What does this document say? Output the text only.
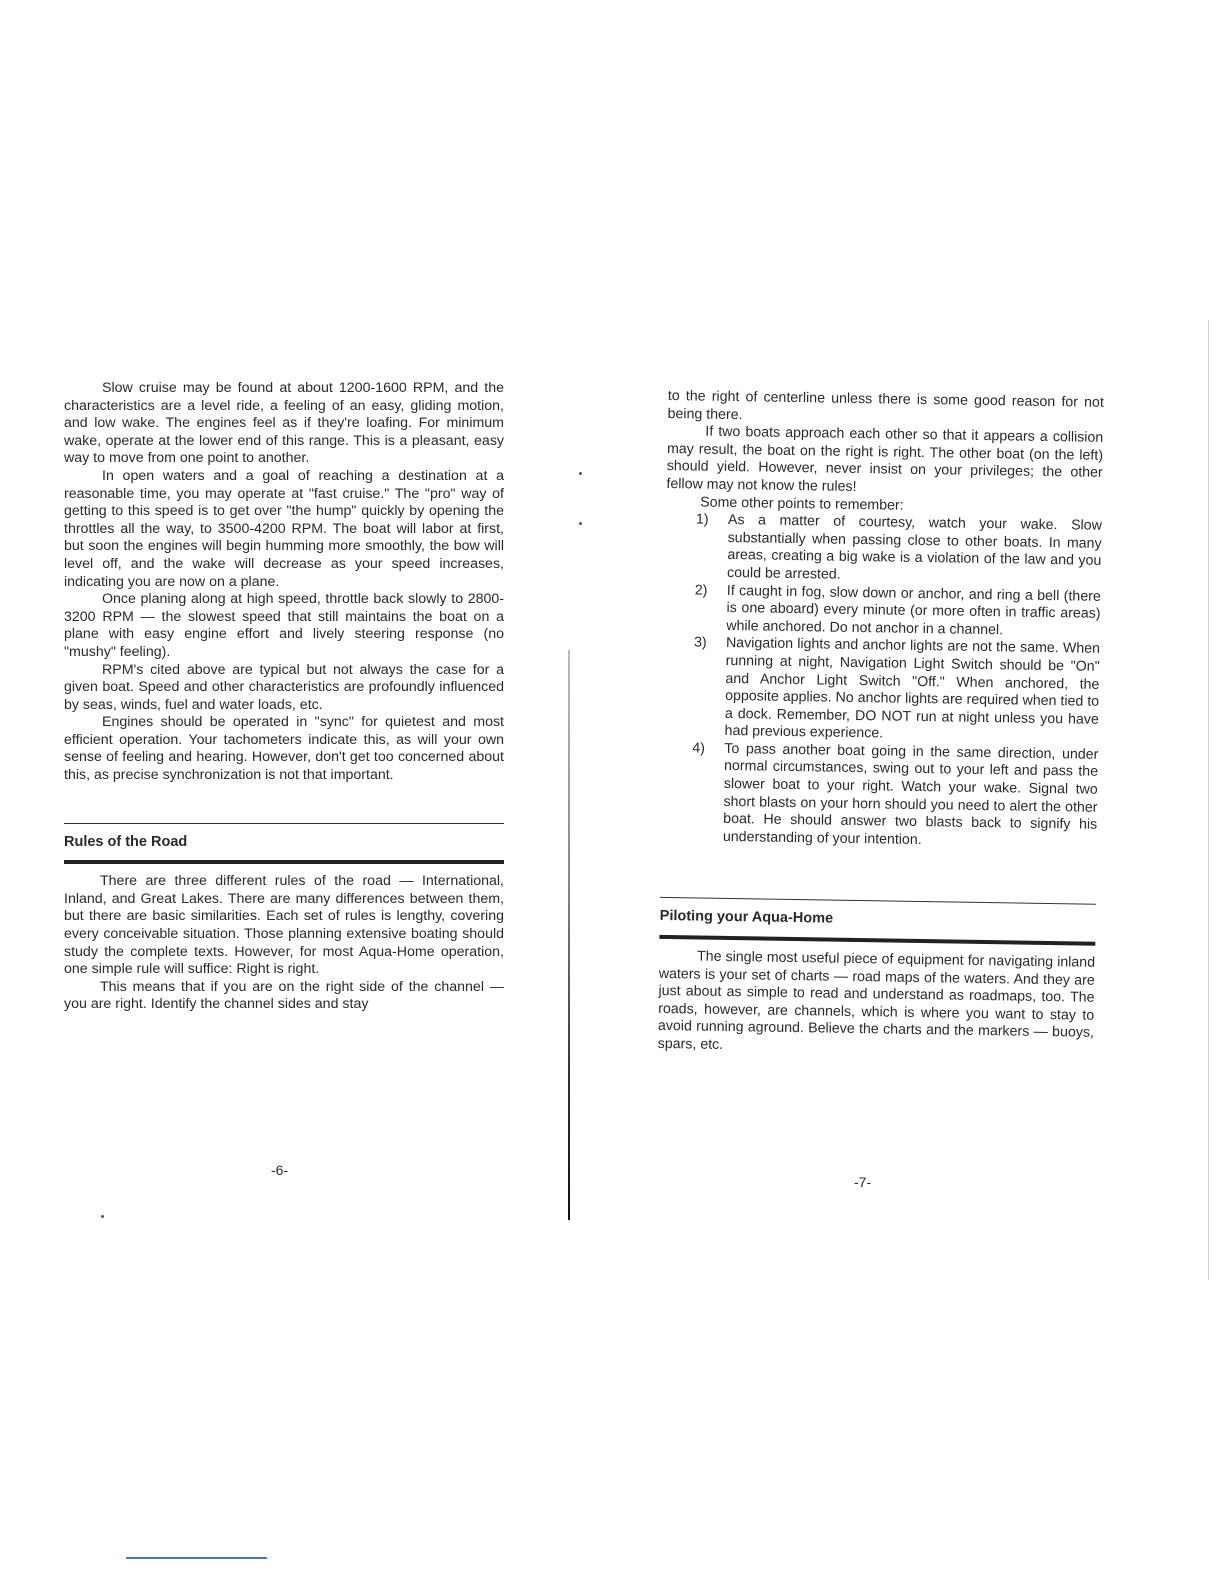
Slow cruise may be found at about 1200-1600 RPM, and the characteristics are a level ride, a feeling of an easy, gliding motion, and low wake. The engines feel as if they're loafing. For minimum wake, operate at the lower end of this range. This is a pleasant, easy way to move from one point to another.

In open waters and a goal of reaching a destination at a reasonable time, you may operate at "fast cruise." The "pro" way of getting to this speed is to get over "the hump" quickly by opening the throttles all the way, to 3500-4200 RPM. The boat will labor at first, but soon the engines will begin humming more smoothly, the bow will level off, and the wake will decrease as your speed increases, indicating you are now on a plane.

Once planing along at high speed, throttle back slowly to 2800-3200 RPM — the slowest speed that still maintains the boat on a plane with easy engine effort and lively steering response (no "mushy" feeling).

RPM's cited above are typical but not always the case for a given boat. Speed and other characteristics are profoundly influenced by seas, winds, fuel and water loads, etc.

Engines should be operated in "sync" for quietest and most efficient operation. Your tachometers indicate this, as will your own sense of feeling and hearing. However, don't get too concerned about this, as precise synchronization is not that important.

Rules of the Road

There are three different rules of the road — International, Inland, and Great Lakes. There are many differences between them, but there are basic similarities. Each set of rules is lengthy, covering every conceivable situation. Those planning extensive boating should study the complete texts. However, for most Aqua-Home operation, one simple rule will suffice: Right is right.

This means that if you are on the right side of the channel — you are right. Identify the channel sides and stay

-6-

to the right of centerline unless there is some good reason for not being there.

If two boats approach each other so that it appears a collision may result, the boat on the right is right. The other boat (on the left) should yield. However, never insist on your privileges; the other fellow may not know the rules!

Some other points to remember:

1) As a matter of courtesy, watch your wake. Slow substantially when passing close to other boats. In many areas, creating a big wake is a violation of the law and you could be arrested.
2) If caught in fog, slow down or anchor, and ring a bell (there is one aboard) every minute (or more often in traffic areas) while anchored. Do not anchor in a channel.
3) Navigation lights and anchor lights are not the same. When running at night, Navigation Light Switch should be "On" and Anchor Light Switch "Off." When anchored, the opposite applies. No anchor lights are required when tied to a dock. Remember, DO NOT run at night unless you have had previous experience.
4) To pass another boat going in the same direction, under normal circumstances, swing out to your left and pass the slower boat to your right. Watch your wake. Signal two short blasts on your horn should you need to alert the other boat. He should answer two blasts back to signify his understanding of your intention.
Piloting your Aqua-Home

The single most useful piece of equipment for navigating inland waters is your set of charts — road maps of the waters. And they are just about as simple to read and understand as roadmaps, too. The roads, however, are channels, which is where you want to stay to avoid running aground. Believe the charts and the markers — buoys, spars, etc.

-7-
